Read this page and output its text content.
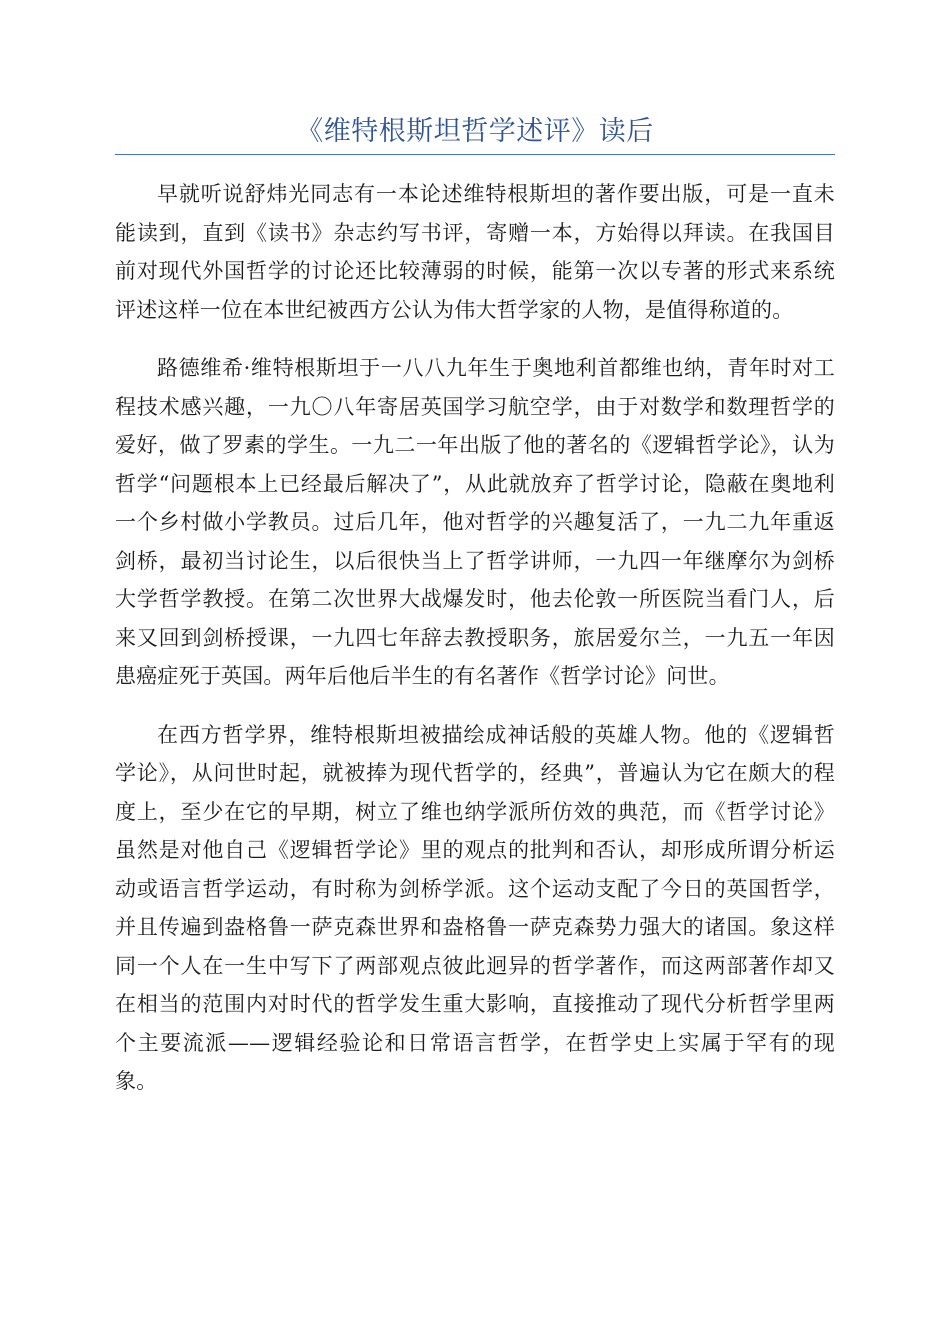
《维特根斯坦哲学述评》读后

早就听说舒炜光同志有一本论述维特根斯坦的著作要出版，可是一直未能读到，直到《读书》杂志约写书评，寄赠一本，方始得以拜读。在我国目前对现代外国哲学的讨论还比较薄弱的时候，能第一次以专著的形式来系统评述这样一位在本世纪被西方公认为伟大哲学家的人物，是值得称道的。

路德维希·维特根斯坦于一八八九年生于奥地利首都维也纳，青年时对工程技术感兴趣，一九〇八年寄居英国学习航空学，由于对数学和数理哲学的爱好，做了罗素的学生。一九二一年出版了他的著名的《逻辑哲学论》，认为哲学“问题根本上已经最后解决了”，从此就放弃了哲学讨论，隐蔽在奥地利一个乡村做小学教员。过后几年，他对哲学的兴趣复活了，一九二九年重返剑桥，最初当讨论生，以后很快当上了哲学讲师，一九四一年继摩尔为剑桥大学哲学教授。在第二次世界大战爆发时，他去伦敦一所医院当看门人，后来又回到剑桥授课，一九四七年辞去教授职务，旅居爱尔兰，一九五一年因患癌症死于英国。两年后他后半生的有名著作《哲学讨论》问世。

在西方哲学界，维特根斯坦被描绘成神话般的英雄人物。他的《逻辑哲学论》，从问世时起，就被捧为现代哲学的，经典”，普遍认为它在颇大的程度上，至少在它的早期，树立了维也纳学派所仿效的典范，而《哲学讨论》虽然是对他自己《逻辑哲学论》里的观点的批判和否认，却形成所谓分析运动或语言哲学运动，有时称为剑桥学派。这个运动支配了今日的英国哲学，并且传遍到盎格鲁一萨克森世界和盎格鲁一萨克森势力强大的诸国。象这样同一个人在一生中写下了两部观点彼此迥异的哲学著作，而这两部著作却又在相当的范围内对时代的哲学发生重大影响，直接推动了现代分析哲学里两个主要流派——逻辑经验论和日常语言哲学，在哲学史上实属于罕有的现象。
